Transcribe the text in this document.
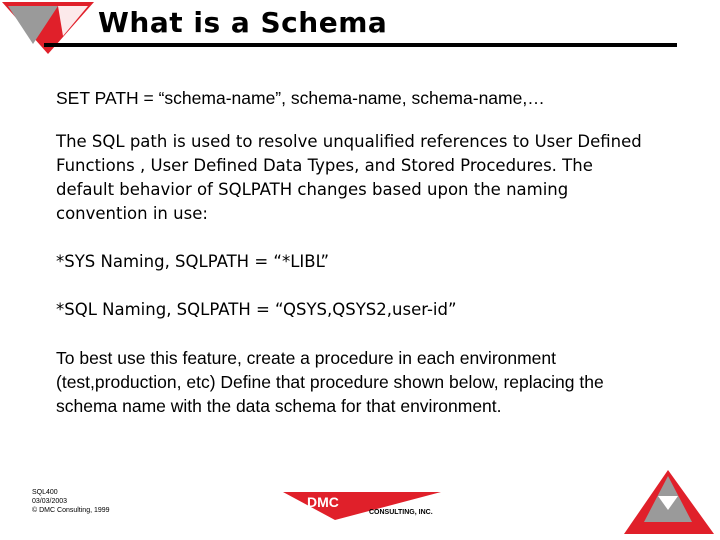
What is a Schema

SET PATH = “schema-name”, schema-name, schema-name,…

The SQL path is used to resolve unqualified references to User Defined Functions , User Defined Data Types, and Stored Procedures. The default behavior of SQLPATH changes based upon the naming convention in use:

*SYS Naming, SQLPATH = “*LIBL”

*SQL Naming, SQLPATH = “QSYS,QSYS2,user-id”

To best use this feature, create a procedure in each environment (test,production, etc) Define that procedure shown below, replacing the schema name with the data schema for that environment.

SQL400
03/03/2003
© DMC Consulting, 1999
DMC
CONSULTING, INC.
